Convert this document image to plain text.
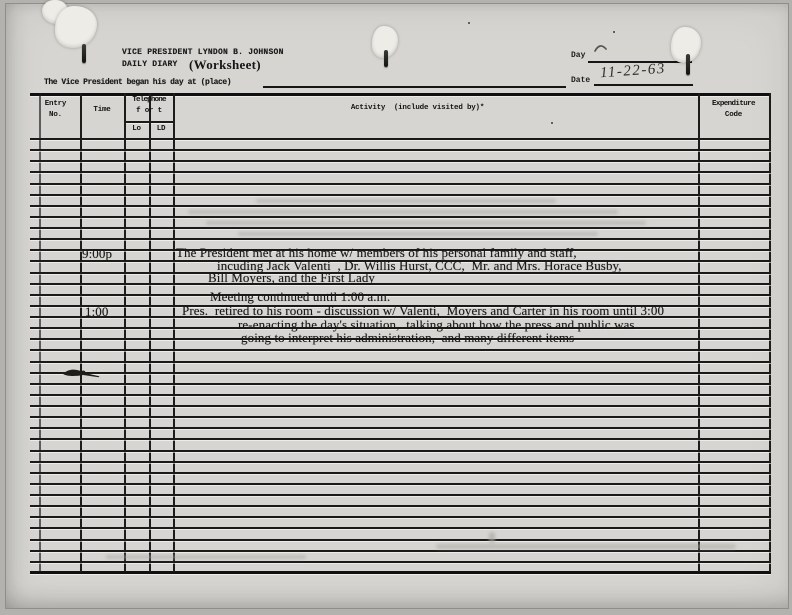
VICE PRESIDENT LYNDON B. JOHNSON
DAILY DIARY (Worksheet)
The Vice President began his day at (place)
Day
Date 11-22-63
Entry
No.
Time
Telephone
f or t
Lo	LD
Activity  (include visited by)*	Expenditure
Code
9:00p	The President met at his home w/ members of his personal family and staff,
incuding Jack Valenti  , Dr. Willis Hurst, CCC,  Mr. and Mrs. Horace Busby,
Bill Moyers, and the First Lady
Meeting continued until 1:00 a.m.
1:00	Pres.  retired to his room - discussion w/ Valenti,  Moyers and Carter in his room until 3:00
re-enacting the day's situation,  talking about how the press and public was
going to interpret his administration,  and many different items
